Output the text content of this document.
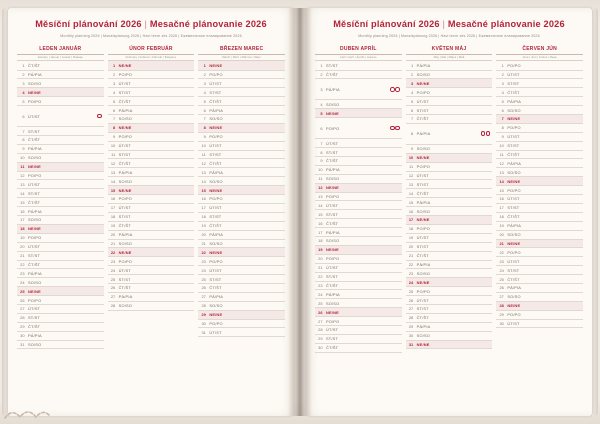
Měsíční plánování 2026 | Mesačné plánovanie 2026
Monthly planning 2026 | Monatsplanung 2026 | Havi terve zés 2026 | Ежемесячное планирование 2026
LEDEN JANUÁR
January | Januar | Január | Январь
1	ČT/ŠT	
2	PÁ/PIA	
3	SO/SO	
4	NE/NE	
5	PO/PO	
6	ÚT/ST	

7	ST/ST	
8	ČT/ŠT	
9	PÁ/PIA	
10	SO/SO	
11	NE/NE	
12	PO/PO	
13	ÚT/ST	
14	ST/ST	
15	ČT/ŠT	
16	PÁ/PIA	
17	SO/SO	
18	NE/NE	
19	PO/PO	
20	ÚT/ST	
21	ST/ST	
22	ČT/ŠT	
23	PÁ/PIA	
24	SO/SO	
25	NE/NE	
26	PO/PO	
27	ÚT/ST	
28	ST/ST	
29	ČT/ŠT	
30	PÁ/PIA	
31	SO/SO	
ÚNOR FEBRUÁR
February | Februar | Február | Февраль
1	NE/NE	
2	PO/PO	
3	ÚT/ST	
4	ST/ST	
5	ČT/ŠT	
6	PÁ/PIA	
7	SO/SO	
8	NE/NE	
9	PO/PO	
10	ÚT/ST	
11	ST/ST	
12	ČT/ŠT	
13	PÁ/PIA	
14	SO/SO	
15	NE/NE	
16	PO/PO	
17	ÚT/ST	
18	ST/ST	
19	ČT/ŠT	
20	PÁ/PIA	
21	SO/SO	
22	NE/NE	
23	PO/PO	
24	ÚT/ST	
25	ST/ST	
26	ČT/ŠT	
27	PÁ/PIA	
28	SO/SO	

BŘEZEN MAREC
March | März | Március | Март
1	NE/NE	
2	PO/PO	
3	ÚT/ST	
4	ST/ST	
5	ČT/ŠT	
6	PÁ/PIA	
7	SO/SO	
8	NE/NE	
9	PO/PO	
10	ÚT/ST	
11	ST/ST	
12	ČT/ŠT	
13	PÁ/PIA	
14	SO/SO	
15	NE/NE	
16	PO/PO	
17	ÚT/ST	
18	ST/ST	
19	ČT/ŠT	
20	PÁ/PIA	
21	SO/SO	
22	NE/NE	
23	PO/PO	
24	ÚT/ST	
25	ST/ST	
26	ČT/ŠT	
27	PÁ/PIA	
28	SO/SO	
29	NE/NE	
30	PO/PO	
31	ÚT/ST	
Měsíční plánování 2026 | Mesačné plánovanie 2026
Monthly planning 2026 | Monatsplanung 2026 | Havi terve zés 2026 | Ежемесячное планирование 2026
DUBEN APRÍL
April | April | Április | Апрель
1	ST/ST	
2	ČT/ŠT	
3	PÁ/PIA	

4	SO/SO	
5	NE/NE	
6	PO/PO	

7	ÚT/ST	
8	ST/ST	
9	ČT/ŠT	
10	PÁ/PIA	
11	SO/SO	
12	NE/NE	
13	PO/PO	
14	ÚT/ST	
15	ST/ST	
16	ČT/ŠT	
17	PÁ/PIA	
18	SO/SO	
19	NE/NE	
20	PO/PO	
21	ÚT/ST	
22	ST/ST	
23	ČT/ŠT	
24	PÁ/PIA	
25	SO/SO	
26	NE/NE	
27	PO/PO	
28	ÚT/ST	
29	ST/ST	
30	ČT/ŠT	

KVĚTEN MÁJ
May | Mai | Május | Май
1	PÁ/PIA	
2	SO/SO	
3	NE/NE	
4	PO/PO	
5	ÚT/ST	
6	ST/ST	
7	ČT/ŠT	
8	PÁ/PIA	

9	SO/SO	
10	NE/NE	
11	PO/PO	
12	ÚT/ST	
13	ST/ST	
14	ČT/ŠT	
15	PÁ/PIA	
16	SO/SO	
17	NE/NE	
18	PO/PO	
19	ÚT/ST	
20	ST/ST	
21	ČT/ŠT	
22	PÁ/PIA	
23	SO/SO	
24	NE/NE	
25	PO/PO	
26	ÚT/ST	
27	ST/ST	
28	ČT/ŠT	
29	PÁ/PIA	
30	SO/SO	
31	NE/NE	
ČERVEN JÚN
June | Juni | Június | Июнь
1	PO/PO	
2	ÚT/ST	
3	ST/ST	
4	ČT/ŠT	
5	PÁ/PIA	
6	SO/SO	
7	NE/NE	
8	PO/PO	
9	ÚT/ST	
10	ST/ST	
11	ČT/ŠT	
12	PÁ/PIA	
13	SO/SO	
14	NE/NE	
15	PO/PO	
16	ÚT/ST	
17	ST/ST	
18	ČT/ŠT	
19	PÁ/PIA	
20	SO/SO	
21	NE/NE	
22	PO/PO	
23	ÚT/ST	
24	ST/ST	
25	ČT/ŠT	
26	PÁ/PIA	
27	SO/SO	
28	NE/NE	
29	PO/PO	
30	ÚT/ST	
